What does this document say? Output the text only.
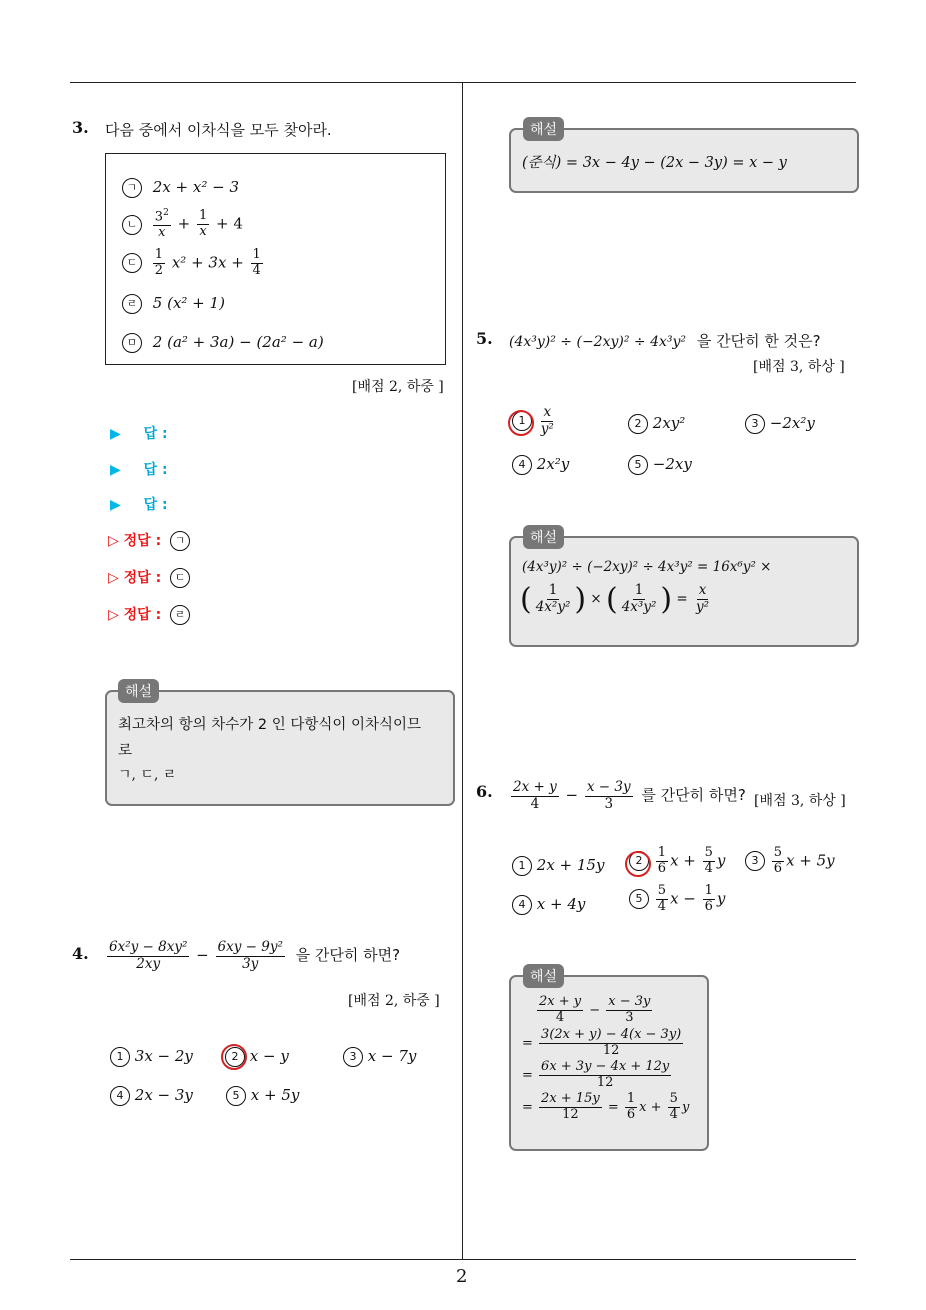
2
3. 다음 중에서 이차식을 모두 찾아라.
ㄱ 2x + x² − 3
ㄴ $\frac{3^2}{x} + \frac{1}{x} + 4$
ㄷ $\frac{1}{2} x^2 + 3x + \frac{1}{4}$
ㄹ 5 (x² + 1)
ㅁ 2 (a² + 3a) − (2a² − a)
[배점 2, 하중 ]
▶ 답 :
▶ 답 :
▶ 답 :
▷ 정답 : ㄱ
▷ 정답 : ㄷ
▷ 정답 : ㄹ
해설
최고차의 항의 차수가 2 인 다항식이 이차식이므
로
ㄱ, ㄷ, ㄹ
4. $\frac{\text{6x²y − 8xy²}}{2xy} - \frac{\text{6xy − 9y²}}{3y}$ 을 간단히 하면?
[배점 2, 하중 ]
1 3x − 2y	2 x − y	3 x − 7y
4 2x − 3y	5 x + 5y
해설
(준식) = 3x − 4y − (2x − 3y) = x − y
5. (4x³y)² ÷ (−2xy)² ÷ 4x³y² 을 간단히 한 것은?
[배점 3, 하상 ]
$1 \frac{x}{\text{y²}}$	2 2xy²	3 −2x²y
4 2x²y	5 −2xy
해설
(4x³y)² ÷ (−2xy)² ÷ 4x³y² = 16x⁶y² ×
( $\frac{1}{\text{4x²y²}}$ ) × ( $\frac{1}{\text{4x³y²}}$ ) = $\frac{x}{\text{y²}}$
6. $\frac{2x + y}{4} - \frac{x - 3y}{3}$ 를 간단히 하면? [배점 3, 하상 ]
1 2x + 15y	$2 \frac{1}{6}$ $x + \frac{5}{4}$ y	$3 \frac{5}{6}$ x + 5y
4 x + 4y	$5 \frac{5}{4}$ $x - \frac{1}{6}$ y
해설
$\frac{2x + y}{4} - \frac{x - 3y}{3}$
= $\frac{3(2x + y) - 4(x - 3y)}{12}$
= $\frac{6x + 3y - 4x + 12y}{12}$
= $\frac{2x + 15y}{12} = \frac{1}{6}$ $x + \frac{5}{4}$ y
